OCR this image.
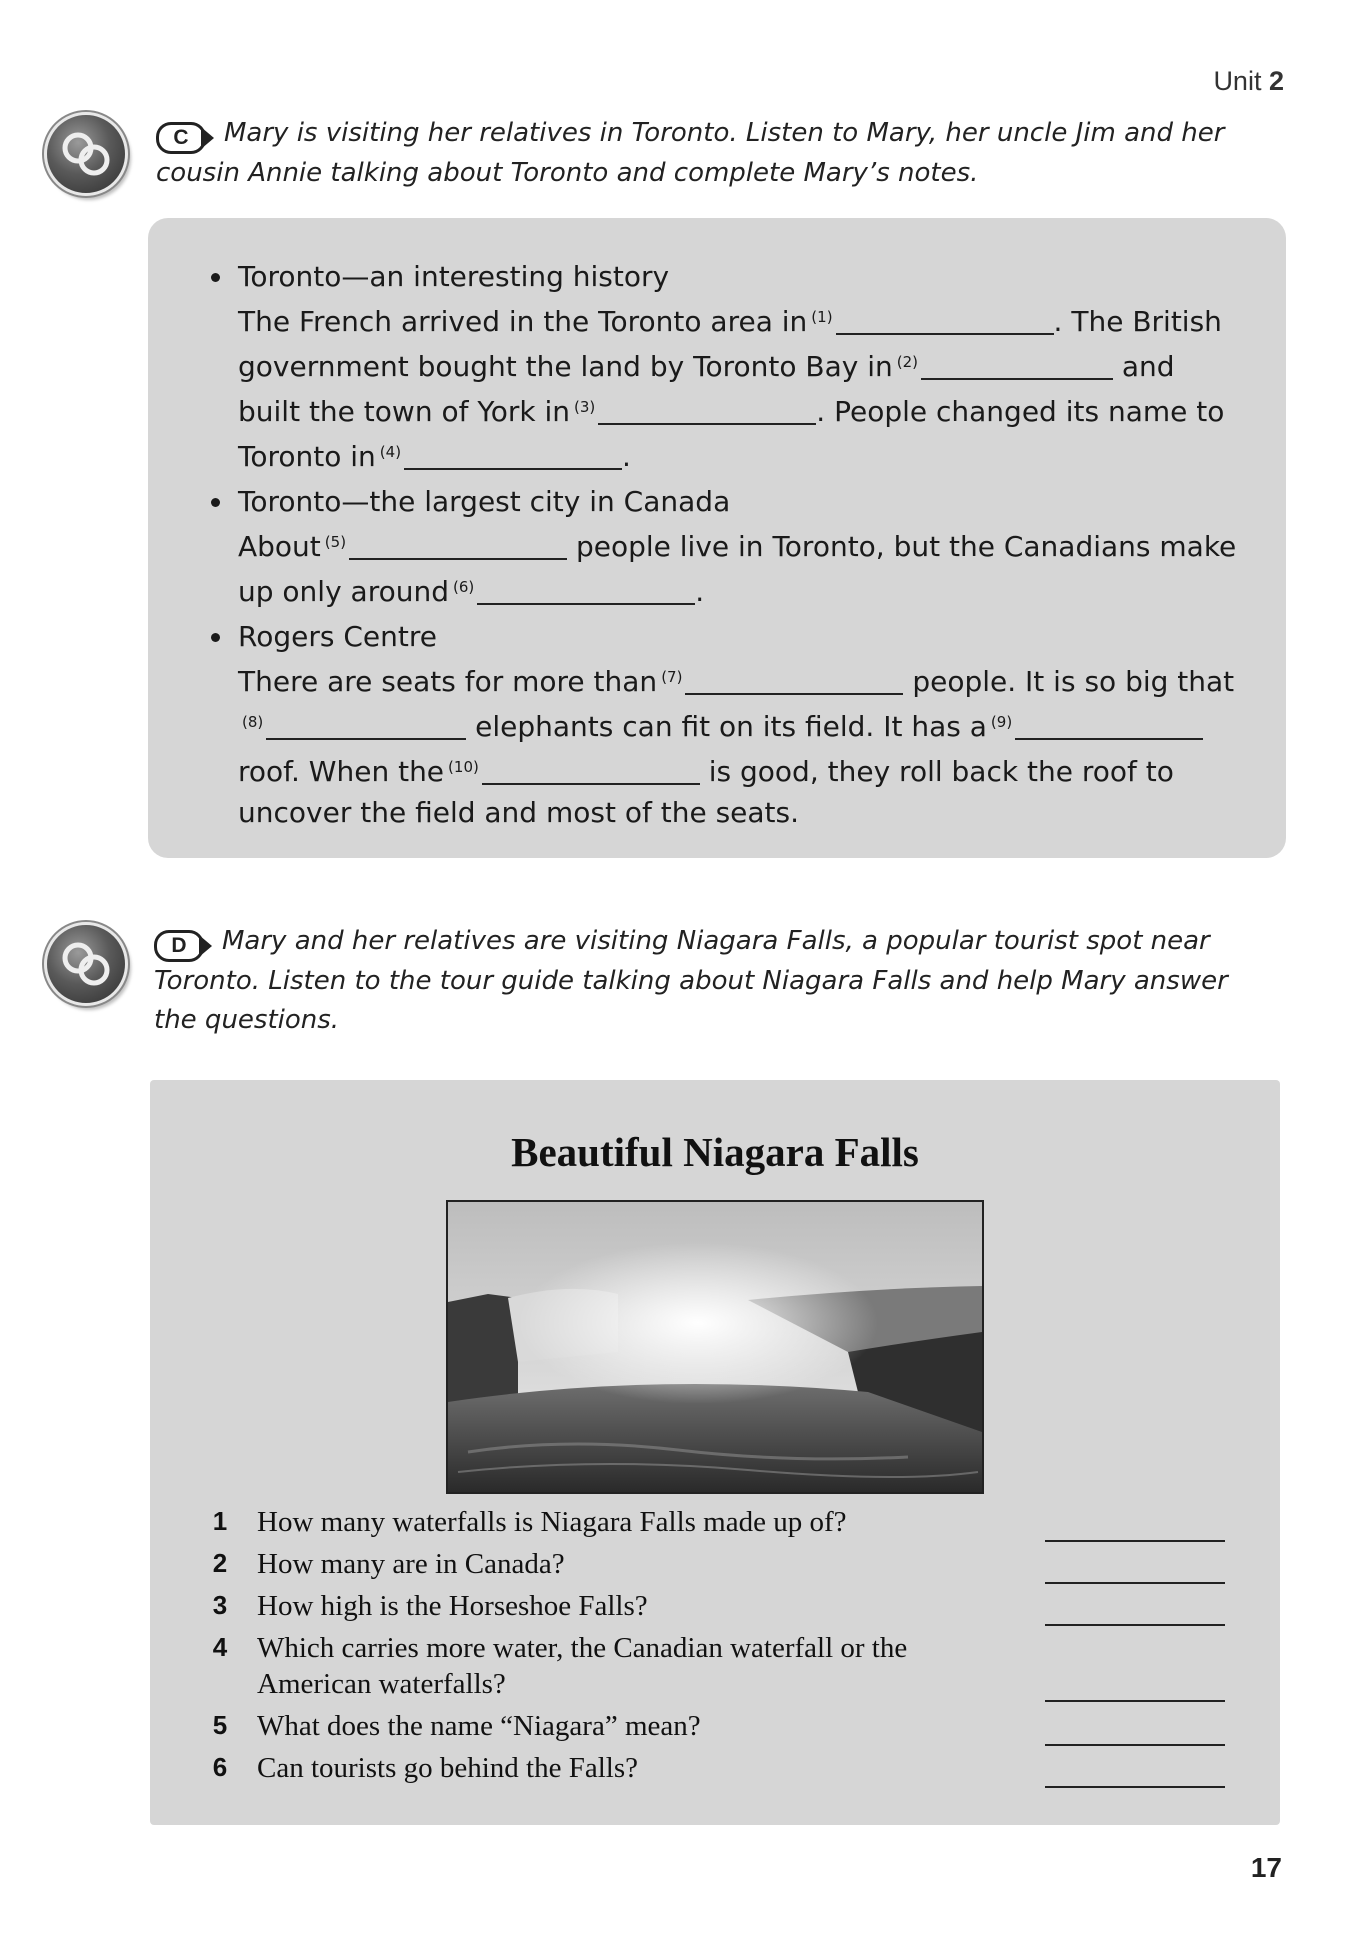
Unit 2
C	Mary is visiting her relatives in Toronto. Listen to Mary, her uncle Jim and her cousin Annie talking about Toronto and complete Mary’s notes.
Toronto—an interesting history

The French arrived in the Toronto area in $^{(1)}$	. The British

government bought the land by Toronto Bay in $^{(2)}$	and

built the town of York in $^{(3)}$	. People changed its name to

Toronto in $^{(4)}$	.

Toronto—the largest city in Canada

About $^{(5)}$	people live in Toronto, but the Canadians make

up only around $^{(6)}$	.

Rogers Centre

There are seats for more than $^{(7)}$	people. It is so big that

$^{(8)}$	elephants can fit on its field. It has a $^{(9)}$

roof. When the $^{(10)}$	is good, they roll back the roof to

uncover the field and most of the seats.

D	Mary and her relatives are visiting Niagara Falls, a popular tourist spot near Toronto. Listen to the tour guide talking about Niagara Falls and help Mary answer the questions.
Beautiful Niagara Falls
1 How many waterfalls is Niagara Falls made up of?
2 How many are in Canada?
3 How high is the Horseshoe Falls?
4 Which carries more water, the Canadian waterfall or the American waterfalls?
5 What does the name “Niagara” mean?
6 Can tourists go behind the Falls?
17
